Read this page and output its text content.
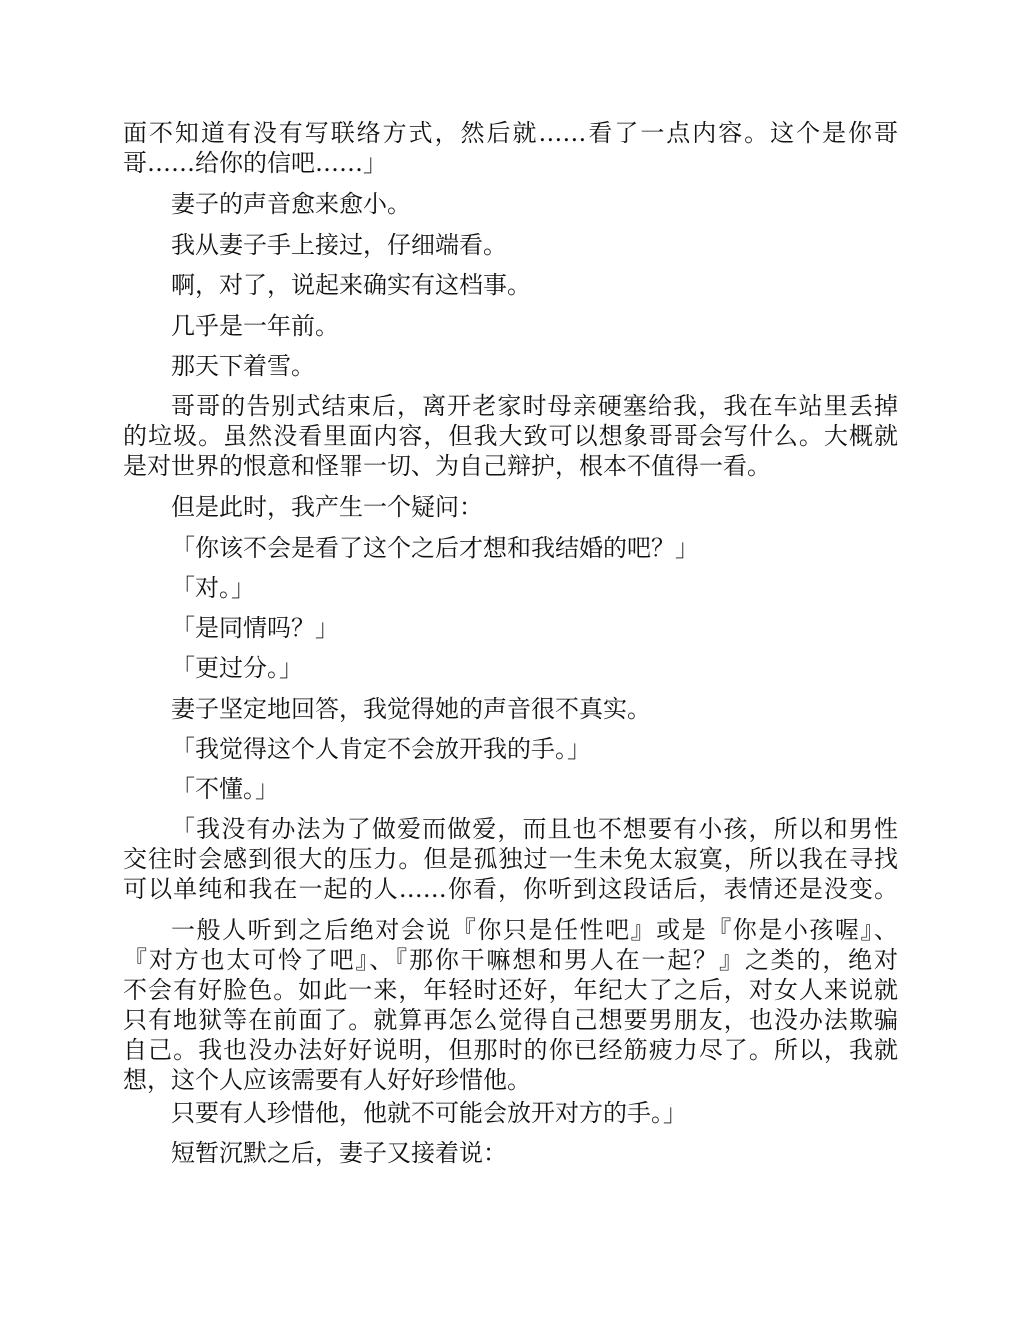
面不知道有没有写联络方式，然后就……看了一点内容。这个是你哥
哥……给你的信吧……」
妻子的声音愈来愈小。
我从妻子手上接过，仔细端看。
啊，对了，说起来确实有这档事。
几乎是一年前。
那天下着雪。
哥哥的告别式结束后，离开老家时母亲硬塞给我，我在车站里丢掉
的垃圾。虽然没看里面内容，但我大致可以想象哥哥会写什么。大概就
是对世界的恨意和怪罪一切、为自己辩护，根本不值得一看。
但是此时，我产生一个疑问：
「你该不会是看了这个之后才想和我结婚的吧？」
「对。」
「是同情吗？」
「更过分。」
妻子坚定地回答，我觉得她的声音很不真实。
「我觉得这个人肯定不会放开我的手。」
「不懂。」
「我没有办法为了做爱而做爱，而且也不想要有小孩，所以和男性
交往时会感到很大的压力。但是孤独过一生未免太寂寞，所以我在寻找
可以单纯和我在一起的人……你看，你听到这段话后，表情还是没变。
一般人听到之后绝对会说『你只是任性吧』或是『你是小孩喔』、
『对方也太可怜了吧』、『那你干嘛想和男人在一起？』之类的，绝对
不会有好脸色。如此一来，年轻时还好，年纪大了之后，对女人来说就
只有地狱等在前面了。就算再怎么觉得自己想要男朋友，也没办法欺骗
自己。我也没办法好好说明，但那时的你已经筋疲力尽了。所以，我就
想，这个人应该需要有人好好珍惜他。
只要有人珍惜他，他就不可能会放开对方的手。」
短暂沉默之后，妻子又接着说：
